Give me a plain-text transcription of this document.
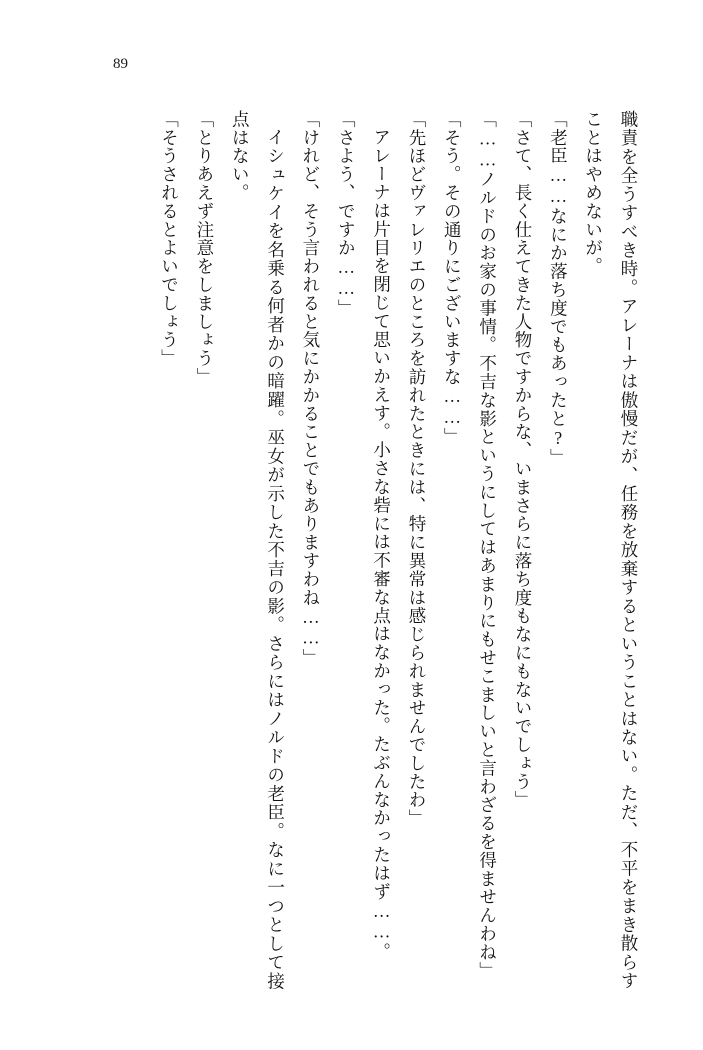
89

職責を全うすべき時。アレーナは傲慢だが、任務を放棄するということはない。ただ、不平をまき散らすことはやめないが。

「老臣……なにか落ち度でもあったと?」

「さて、長く仕えてきた人物ですからな、いまさらに落ち度もなにもないでしょう」

「……ノルドのお家の事情。不吉な影というにしてはあまりにもせこましいと言わざるを得ませんわね」

「そう。その通りにございますな……」

「先ほどヴァレリエのところを訪れたときには、特に異常は感じられませんでしたわ」

アレーナは片目を閉じて思いかえす。小さな砦には不審な点はなかった。たぶんなかったはず……。

「さよう、ですか……」

「けれど、そう言われると気にかかることでもありますわね……」

イシュケイを名乗る何者かの暗躍。巫女が示した不吉の影。さらにはノルドの老臣。なに一つとして接点はない。

「とりあえず注意をしましょう」

「そうされるとよいでしょう」
